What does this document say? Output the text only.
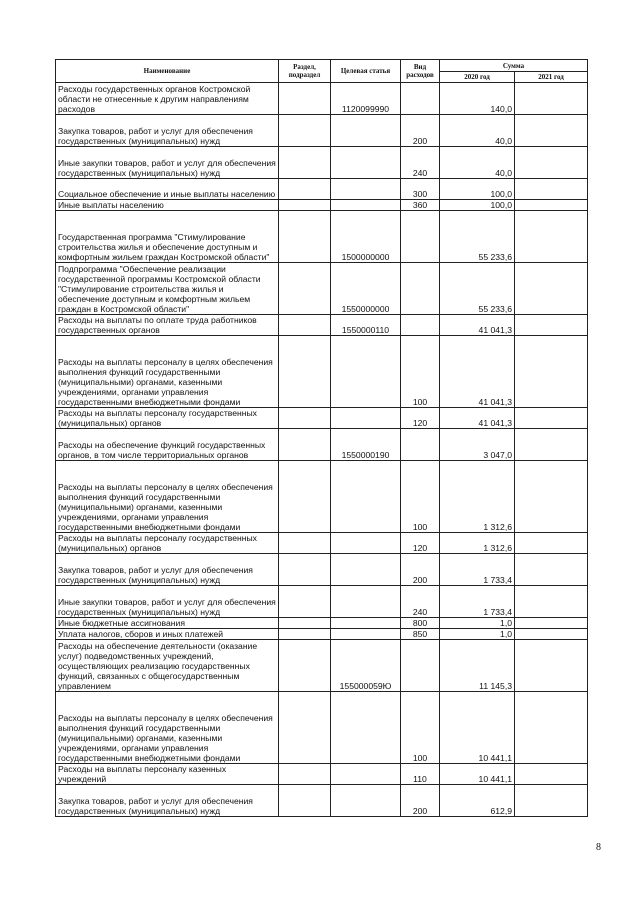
Наименование	Раздел, подраздел	Целевая статья	Вид расходов	Сумма	
				2020 год	2021 год
Расходы государственных органов Костромской области не отнесенные к другим направлениям расходов		1120099990		140,0	
Закупка товаров, работ и услуг для обеспечения государственных (муниципальных) нужд			200	40,0	
Иные закупки товаров, работ и услуг для обеспечения государственных (муниципальных) нужд			240	40,0	
Социальное обеспечение и иные выплаты населению			300	100,0	
Иные выплаты населению			360	100,0	
Государственная программа "Стимулирование строительства жилья и обеспечение доступным и комфортным жильем граждан Костромской области"		1500000000		55 233,6	
Подпрограмма "Обеспечение реализации государственной программы Костромской области "Стимулирование строительства жилья и обеспечение доступным и комфортным жильем граждан в Костромской области"		1550000000		55 233,6	
Расходы на выплаты по оплате труда работников государственных органов		1550000110		41 041,3	
Расходы на выплаты персоналу в целях обеспечения выполнения функций государственными (муниципальными) органами, казенными учреждениями, органами управления государственными внебюджетными фондами			100	41 041,3	
Расходы на выплаты персоналу государственных (муниципальных) органов			120	41 041,3	
Расходы на обеспечение функций государственных органов, в том числе территориальных органов		1550000190		3 047,0	
Расходы на выплаты персоналу в целях обеспечения выполнения функций государственными (муниципальными) органами, казенными учреждениями, органами управления государственными внебюджетными фондами			100	1 312,6	
Расходы на выплаты персоналу государственных (муниципальных) органов			120	1 312,6	
Закупка товаров, работ и услуг для обеспечения государственных (муниципальных) нужд			200	1 733,4	
Иные закупки товаров, работ и услуг для обеспечения государственных (муниципальных) нужд			240	1 733,4	
Иные бюджетные ассигнования			800	1,0	
Уплата налогов, сборов и иных платежей			850	1,0	
Расходы на обеспечение деятельности (оказание услуг) подведомственных учреждений, осуществляющих реализацию государственных функций, связанных с общегосударственным управлением		155000059Ю		11 145,3	
Расходы на выплаты персоналу в целях обеспечения выполнения функций государственными (муниципальными) органами, казенными учреждениями, органами управления государственными внебюджетными фондами			100	10 441,1	
Расходы на выплаты персоналу казенных учреждений			110	10 441,1	
Закупка товаров, работ и услуг для обеспечения государственных (муниципальных) нужд			200	612,9	
8
